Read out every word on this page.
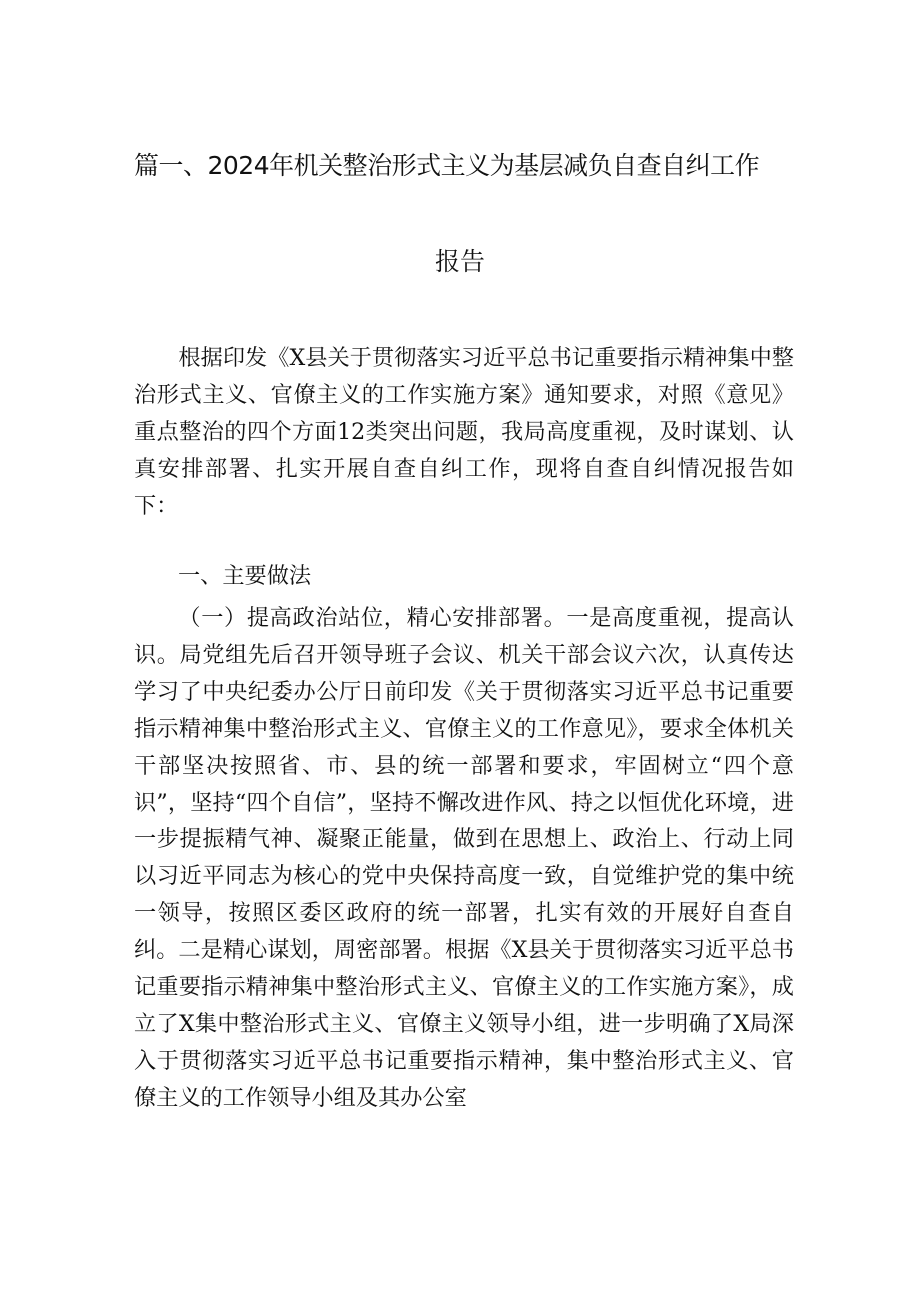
篇一、2024年机关整治形式主义为基层减负自查自纠工作
报告

根据印发《X县关于贯彻落实习近平总书记重要指示精神集中整治形式主义、官僚主义的工作实施方案》通知要求，对照《意见》重点整治的四个方面12类突出问题，我局高度重视，及时谋划、认真安排部署、扎实开展自查自纠工作，现将自查自纠情况报告如下：

一、主要做法

（一）提高政治站位，精心安排部署。一是高度重视，提高认识。局党组先后召开领导班子会议、机关干部会议六次，认真传达学习了中央纪委办公厅日前印发《关于贯彻落实习近平总书记重要指示精神集中整治形式主义、官僚主义的工作意见》，要求全体机关干部坚决按照省、市、县的统一部署和要求，牢固树立“四个意识”，坚持“四个自信”，坚持不懈改进作风、持之以恒优化环境，进一步提振精气神、凝聚正能量，做到在思想上、政治上、行动上同以习近平同志为核心的党中央保持高度一致，自觉维护党的集中统一领导，按照区委区政府的统一部署，扎实有效的开展好自查自纠。二是精心谋划，周密部署。根据《X县关于贯彻落实习近平总书记重要指示精神集中整治形式主义、官僚主义的工作实施方案》，成立了X集中整治形式主义、官僚主义领导小组，进一步明确了X局深入于贯彻落实习近平总书记重要指示精神，集中整治形式主义、官僚主义的工作领导小组及其办公室
